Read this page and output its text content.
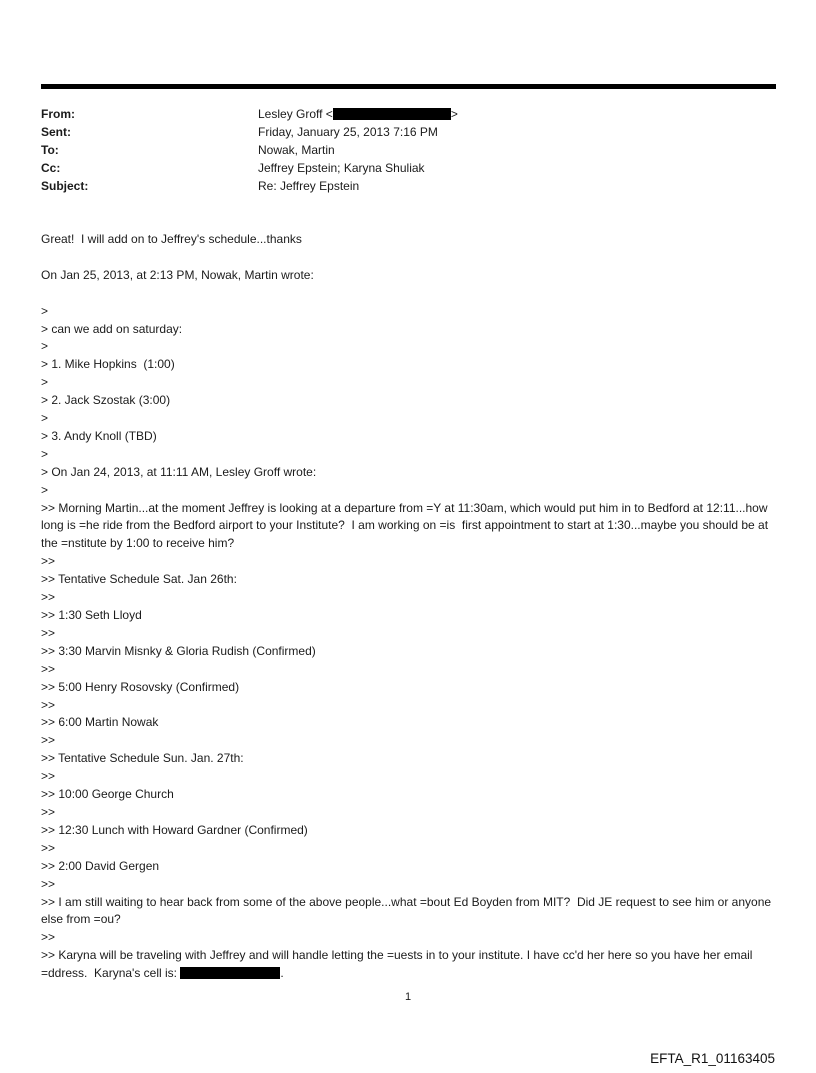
From:	Lesley Groff <	>
Sent:	Friday, January 25, 2013 7:16 PM
To:	Nowak, Martin
Cc:	Jeffrey Epstein; Karyna Shuliak
Subject:	Re: Jeffrey Epstein
Great!  I will add on to Jeffrey's schedule...thanks
On Jan 25, 2013, at 2:13 PM, Nowak, Martin wrote:
>
> can we add on saturday:
>
> 1. Mike Hopkins  (1:00)
>
> 2. Jack Szostak (3:00)
>
> 3. Andy Knoll (TBD)
>
> On Jan 24, 2013, at 11:11 AM, Lesley Groff wrote:
>
>> Morning Martin...at the moment Jeffrey is looking at a departure from =Y at 11:30am, which would put him in to Bedford at 12:11...how long is =he ride from the Bedford airport to your Institute?  I am working on =is  first appointment to start at 1:30...maybe you should be at the =nstitute by 1:00 to receive him?
>>
>> Tentative Schedule Sat. Jan 26th:
>>
>> 1:30 Seth Lloyd
>>
>> 3:30 Marvin Misnky & Gloria Rudish (Confirmed)
>>
>> 5:00 Henry Rosovsky (Confirmed)
>>
>> 6:00 Martin Nowak
>>
>> Tentative Schedule Sun. Jan. 27th:
>>
>> 10:00 George Church
>>
>> 12:30 Lunch with Howard Gardner (Confirmed)
>>
>> 2:00 David Gergen
>>
>> I am still waiting to hear back from some of the above people...what =bout Ed Boyden from MIT?  Did JE request to see him or anyone else from =ou?
>>
>> Karyna will be traveling with Jeffrey and will handle letting the =uests in to your institute. I have cc'd her here so you have her email =ddress.  Karyna's cell is:	.
1
EFTA_R1_01163405
